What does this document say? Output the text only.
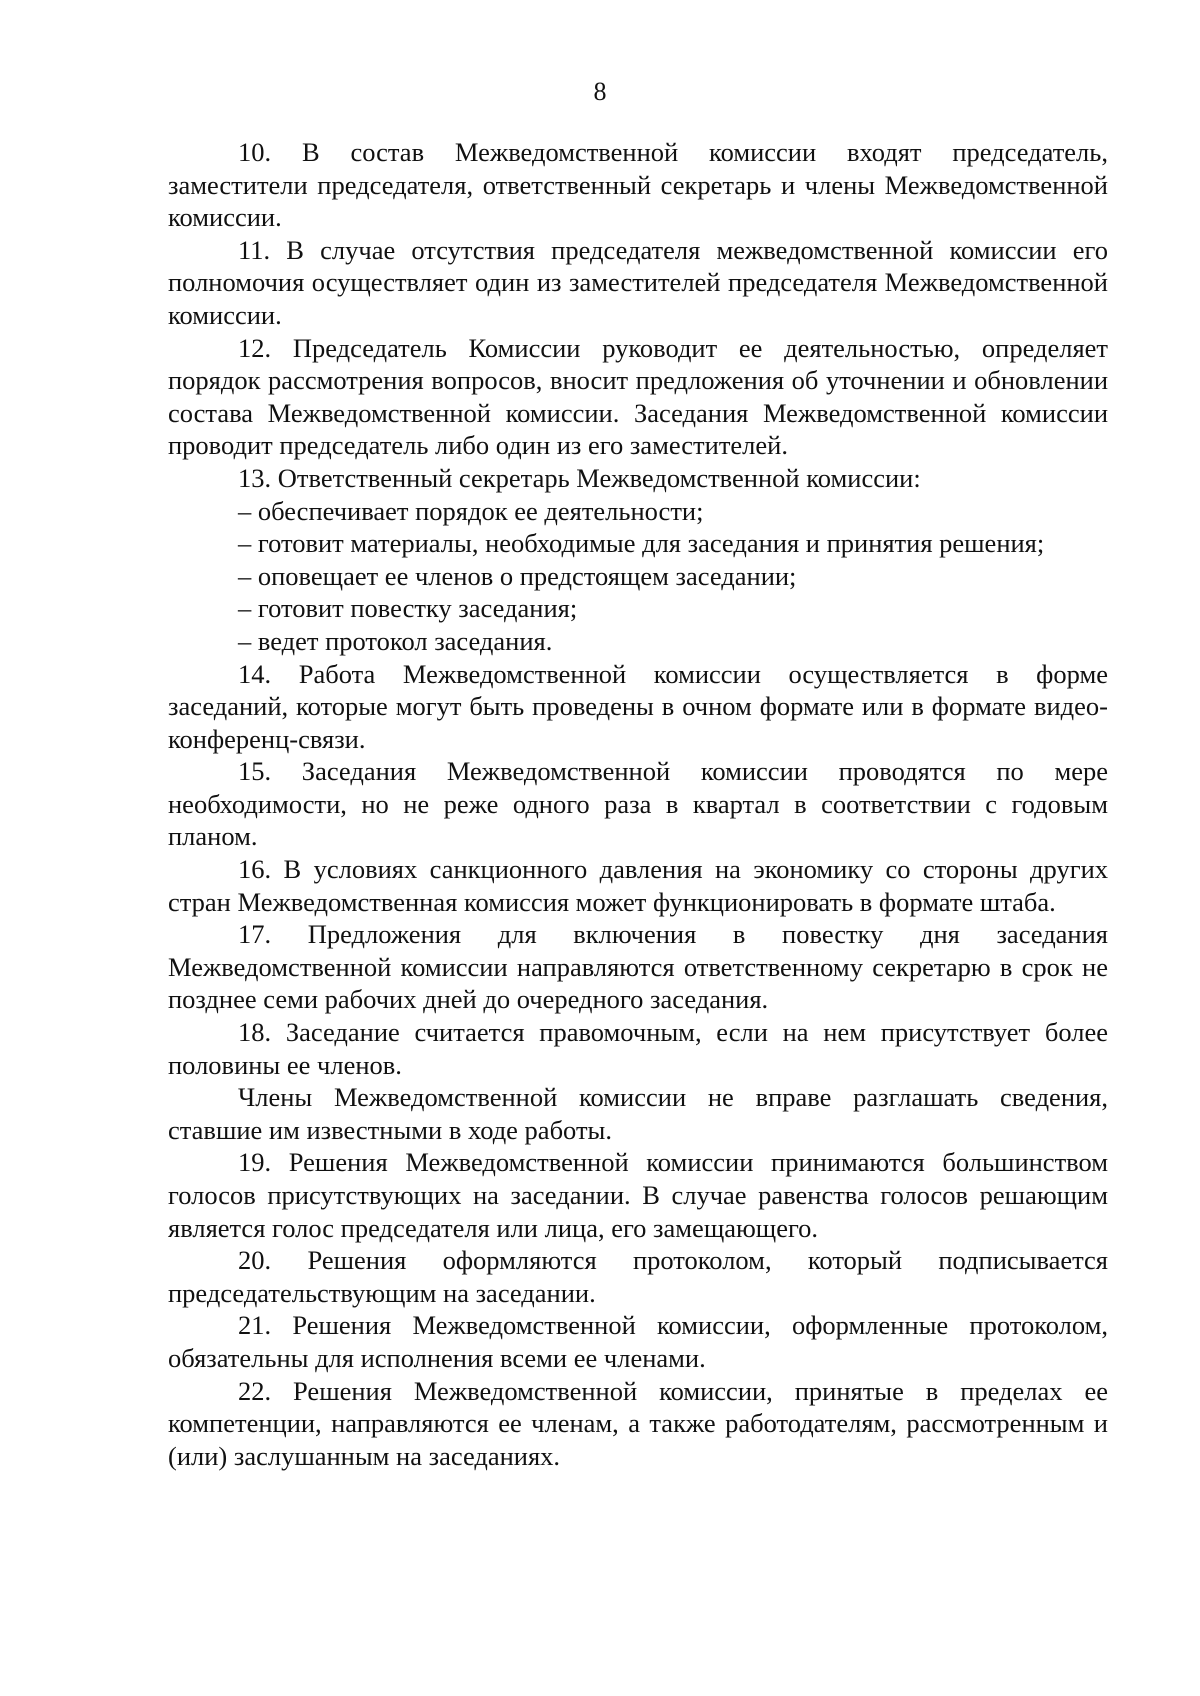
8

10. В состав Межведомственной комиссии входят председатель, заместители председателя, ответственный секретарь и члены Межведомственной комиссии.

11. В случае отсутствия председателя межведомственной комиссии его полномочия осуществляет один из заместителей председателя Межведомственной комиссии.

12. Председатель Комиссии руководит ее деятельностью, определяет порядок рассмотрения вопросов, вносит предложения об уточнении и обновлении состава Межведомственной комиссии. Заседания Межведомственной комиссии проводит председатель либо один из его заместителей.

13. Ответственный секретарь Межведомственной комиссии:

– обеспечивает порядок ее деятельности;

– готовит материалы, необходимые для заседания и принятия решения;

– оповещает ее членов о предстоящем заседании;

– готовит повестку заседания;

– ведет протокол заседания.

14. Работа Межведомственной комиссии осуществляется в форме заседаний, которые могут быть проведены в очном формате или в формате видео-конференц-связи.

15. Заседания Межведомственной комиссии проводятся по мере необходимости, но не реже одного раза в квартал в соответствии с годовым планом.

16. В условиях санкционного давления на экономику со стороны других стран Межведомственная комиссия может функционировать в формате штаба.

17. Предложения для включения в повестку дня заседания Межведомственной комиссии направляются ответственному секретарю в срок не позднее семи рабочих дней до очередного заседания.

18. Заседание считается правомочным, если на нем присутствует более половины ее членов.

Члены Межведомственной комиссии не вправе разглашать сведения, ставшие им известными в ходе работы.

19. Решения Межведомственной комиссии принимаются большинством голосов присутствующих на заседании. В случае равенства голосов решающим является голос председателя или лица, его замещающего.

20. Решения оформляются протоколом, который подписывается председательствующим на заседании.

21. Решения Межведомственной комиссии, оформленные протоколом, обязательны для исполнения всеми ее членами.

22. Решения Межведомственной комиссии, принятые в пределах ее компетенции, направляются ее членам, а также работодателям, рассмотренным и (или) заслушанным на заседаниях.
